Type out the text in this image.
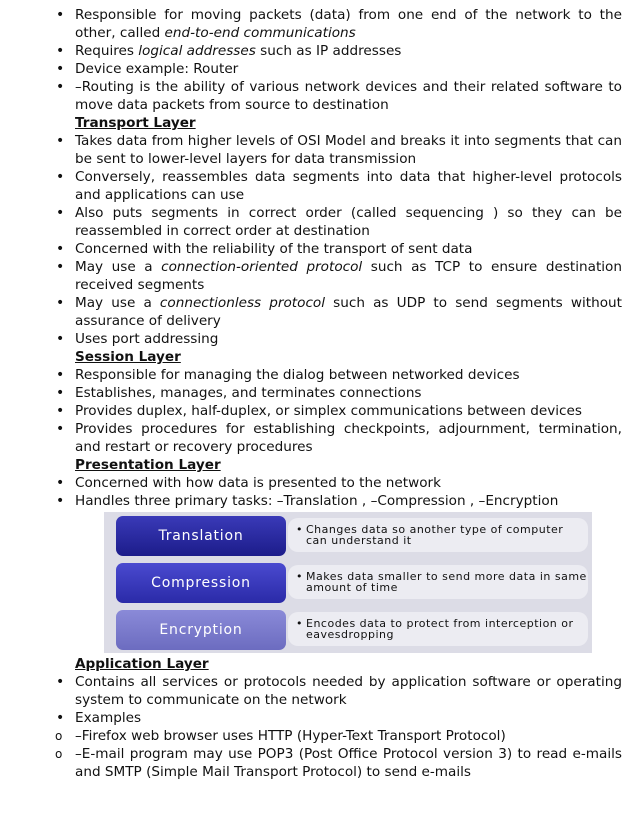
• Responsible for moving packets (data) from one end of the network to the other, called end-to-end communications
• Requires logical addresses such as IP addresses
• Device example: Router
• –Routing is the ability of various network devices and their related software to move data packets from source to destination
Transport Layer
• Takes data from higher levels of OSI Model and breaks it into segments that can be sent to lower-level layers for data transmission
• Conversely, reassembles data segments into data that higher-level protocols and applications can use
• Also puts segments in correct order (called sequencing ) so they can be reassembled in correct order at destination
• Concerned with the reliability of the transport of sent data
• May use a connection-oriented protocol such as TCP to ensure destination received segments
• May use a connectionless protocol such as UDP to send segments without assurance of delivery
• Uses port addressing
Session Layer
• Responsible for managing the dialog between networked devices
• Establishes, manages, and terminates connections
• Provides duplex, half-duplex, or simplex communications between devices
• Provides procedures for establishing checkpoints, adjournment, termination, and restart or recovery procedures
Presentation Layer
• Concerned with how data is presented to the network
• Handles three primary tasks: –Translation , –Compression , –Encryption
Translation	• Changes data so another type of computer can understand it
Compression	• Makes data smaller to send more data in same amount of time
Encryption	• Encodes data to protect from interception or eavesdropping
Application Layer
• Contains all services or protocols needed by application software or operating system to communicate on the network
• Examples
o –Firefox web browser uses HTTP (Hyper-Text Transport Protocol)
o –E-mail program may use POP3 (Post Office Protocol version 3) to read e-mails and SMTP (Simple Mail Transport Protocol) to send e-mails
